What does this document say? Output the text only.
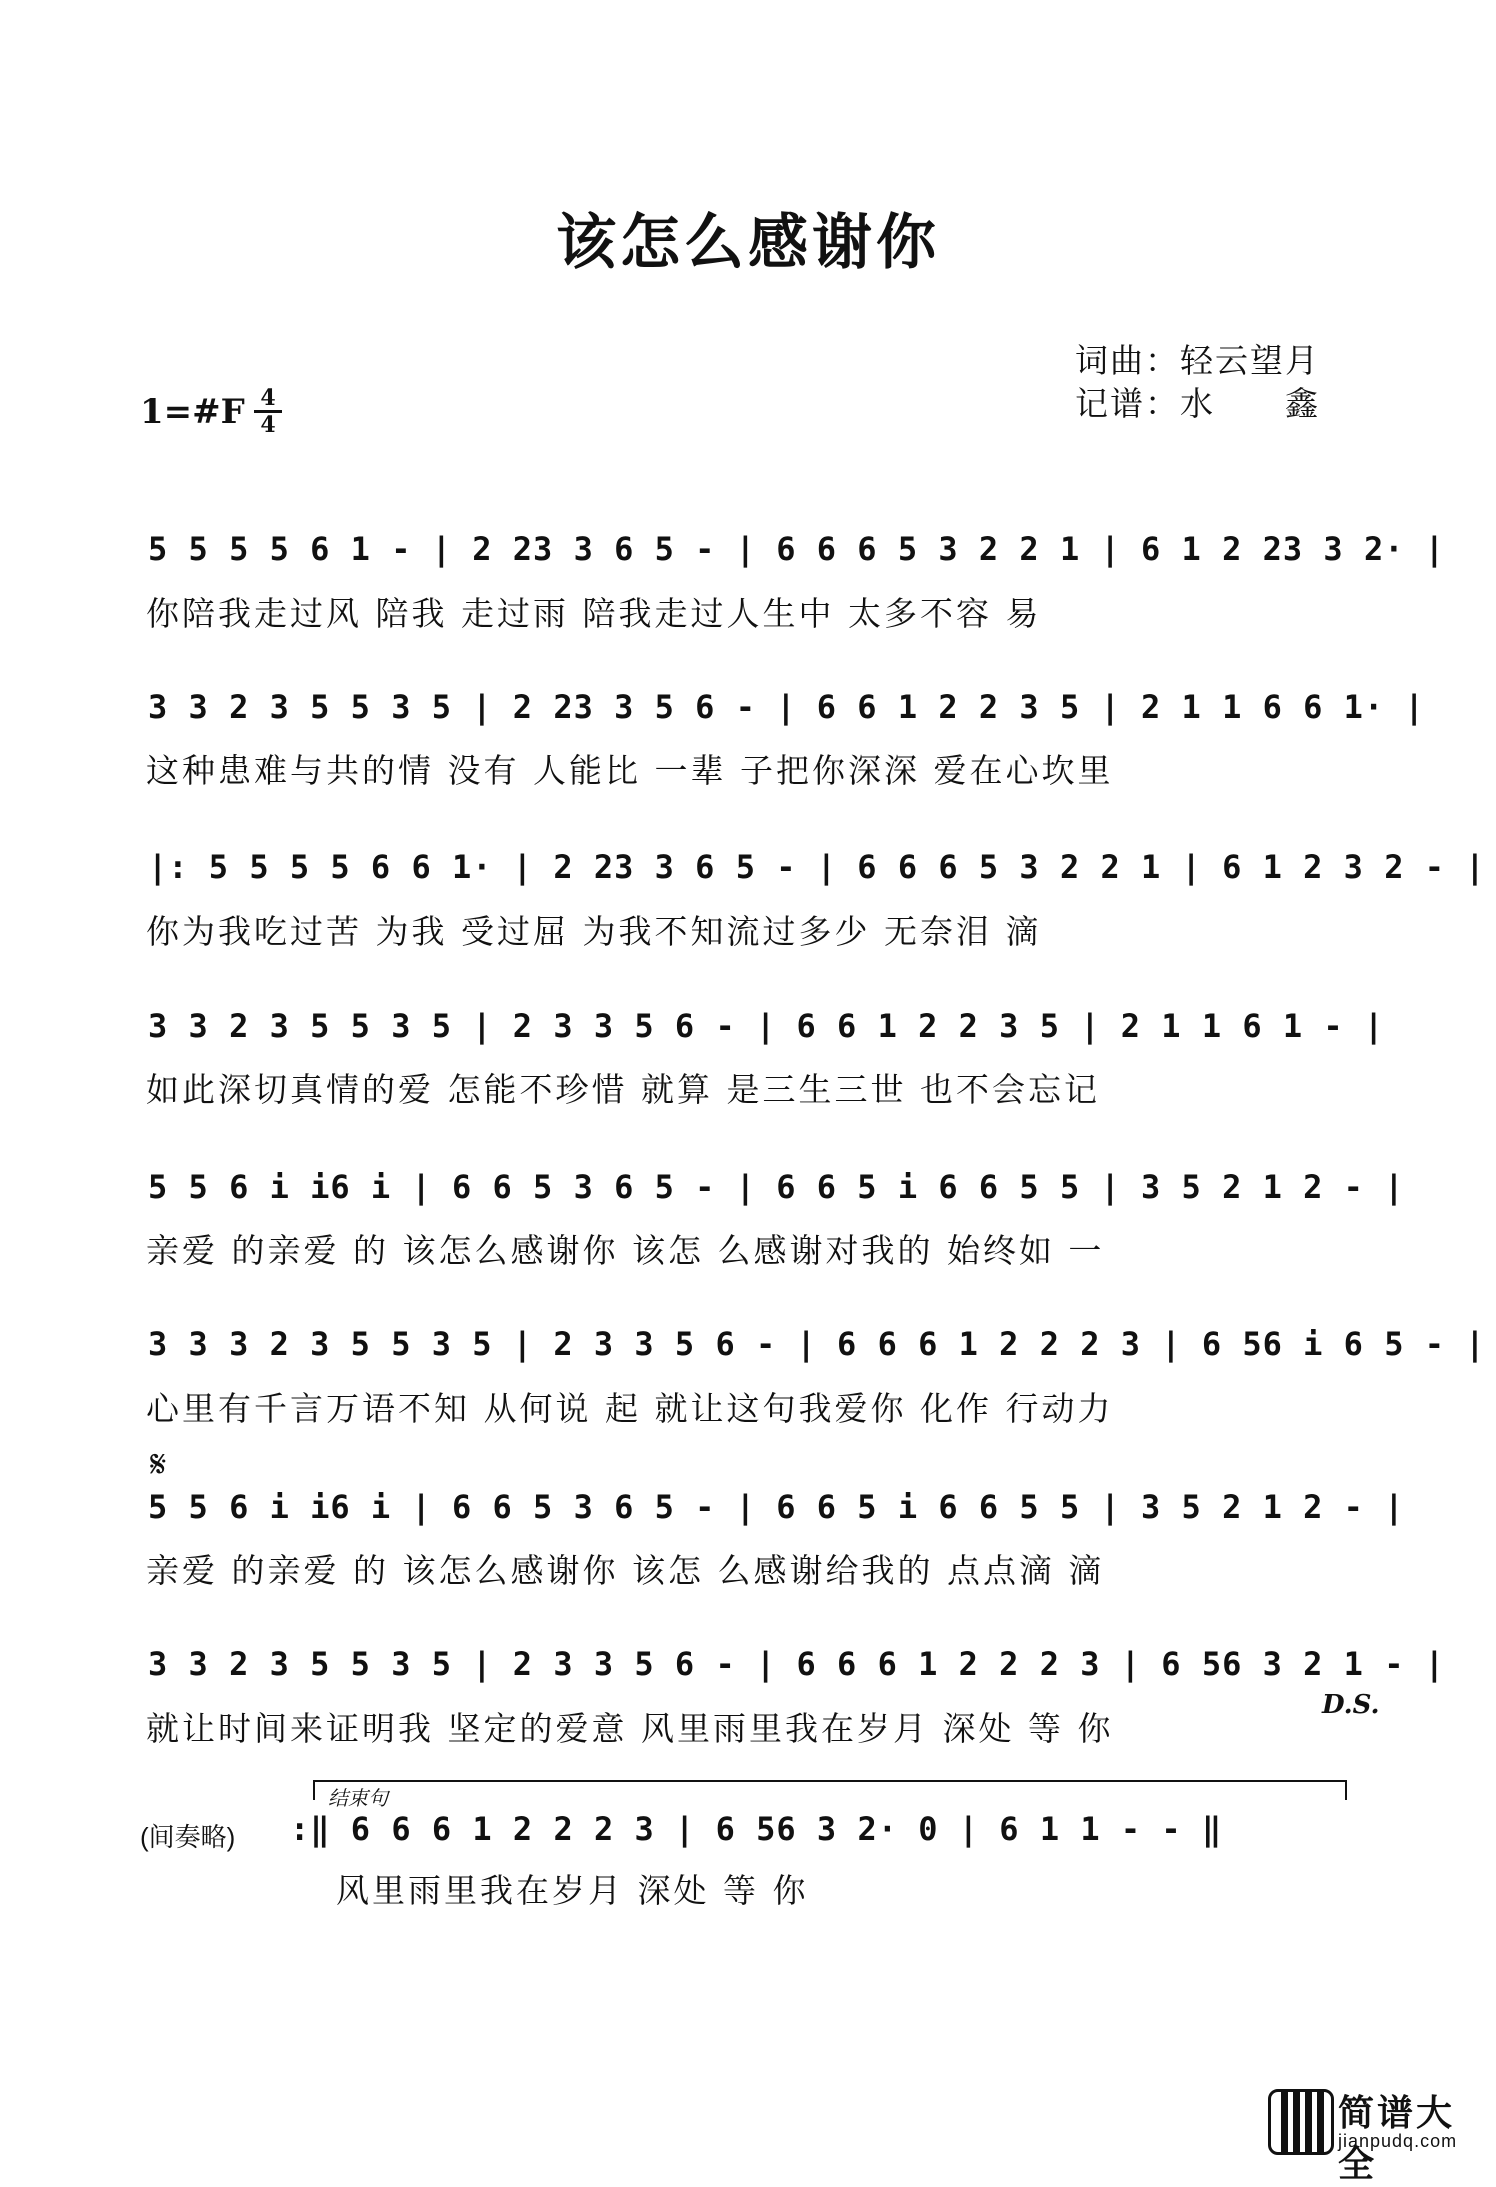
该怎么感谢你
词曲：轻云望月
记谱：水　　鑫
1=#F 4
4
5 5 5 5 6 1 - | 2 23 3 6 5 - | 6 6 6 5 3 2 2 1 | 6 1 2 23 3 2· |
你陪我走过风 陪我 走过雨 陪我走过人生中 太多不容 易
3 3 2 3 5 5 3 5 | 2 23 3 5 6 - | 6 6 1 2 2 3 5 | 2 1 1 6 6 1· |
这种患难与共的情 没有 人能比 一辈 子把你深深 爱在心坎里
|: 5 5 5 5 6 6 1· | 2 23 3 6 5 - | 6 6 6 5 3 2 2 1 | 6 1 2 3 2 - |
你为我吃过苦 为我 受过屈 为我不知流过多少 无奈泪 滴
3 3 2 3 5 5 3 5 | 2 3 3 5 6 - | 6 6 1 2 2 3 5 | 2 1 1 6 1 - |
如此深切真情的爱 怎能不珍惜 就算 是三生三世 也不会忘记
5 5 6 i i6 i | 6 6 5 3 6 5 - | 6 6 5 i 6 6 5 5 | 3 5 2 1 2 - |
亲爱 的亲爱 的 该怎么感谢你 该怎 么感谢对我的 始终如 一
3 3 3 2 3 5 5 3 5 | 2 3 3 5 6 - | 6 6 6 1 2 2 2 3 | 6 56 i 6 5 - |
心里有千言万语不知 从何说 起 就让这句我爱你 化作 行动力
𝄋
5 5 6 i i6 i | 6 6 5 3 6 5 - | 6 6 5 i 6 6 5 5 | 3 5 2 1 2 - |
亲爱 的亲爱 的 该怎么感谢你 该怎 么感谢给我的 点点滴 滴
3 3 2 3 5 5 3 5 | 2 3 3 5 6 - | 6 6 6 1 2 2 2 3 | 6 56 3 2 1 - |
就让时间来证明我 坚定的爱意 风里雨里我在岁月 深处 等 你
D.S.
结束句
(间奏略) :‖ 6 6 6 1 2 2 2 3 | 6 56 3 2· 0 | 6 1 1 - - ‖
风里雨里我在岁月 深处 等 你
简谱大全
jianpudq.com
